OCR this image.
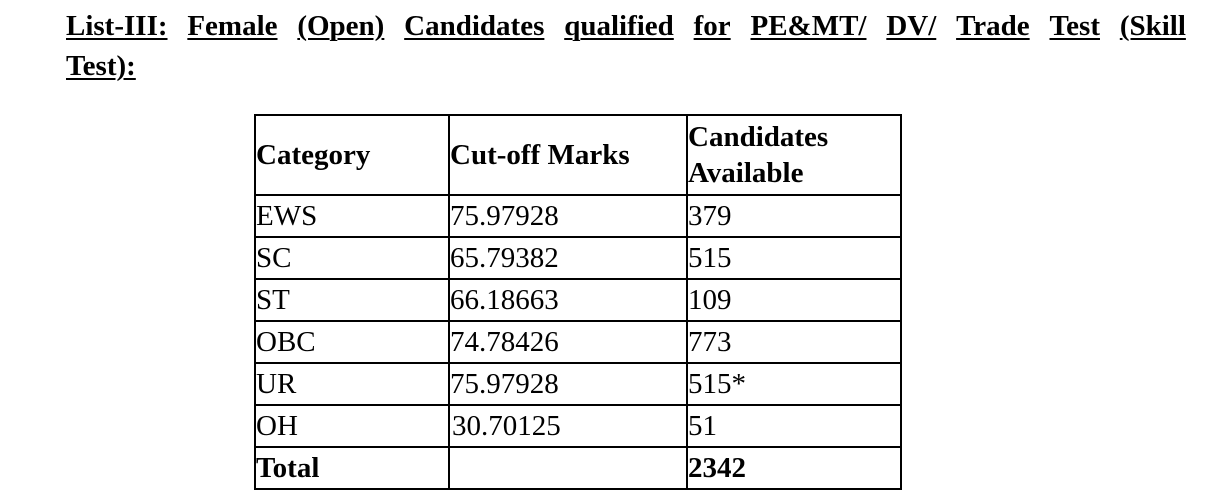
List-III: Female (Open) Candidates qualified for PE&MT/ DV/ Trade Test (Skill
Test):
Category	Cut-off Marks	Candidates
Available

EWS	75.97928	379
SC	65.79382	515
ST	66.18663	109
OBC	74.78426	773
UR	75.97928	515*
OH	30.70125	51
Total		2342
